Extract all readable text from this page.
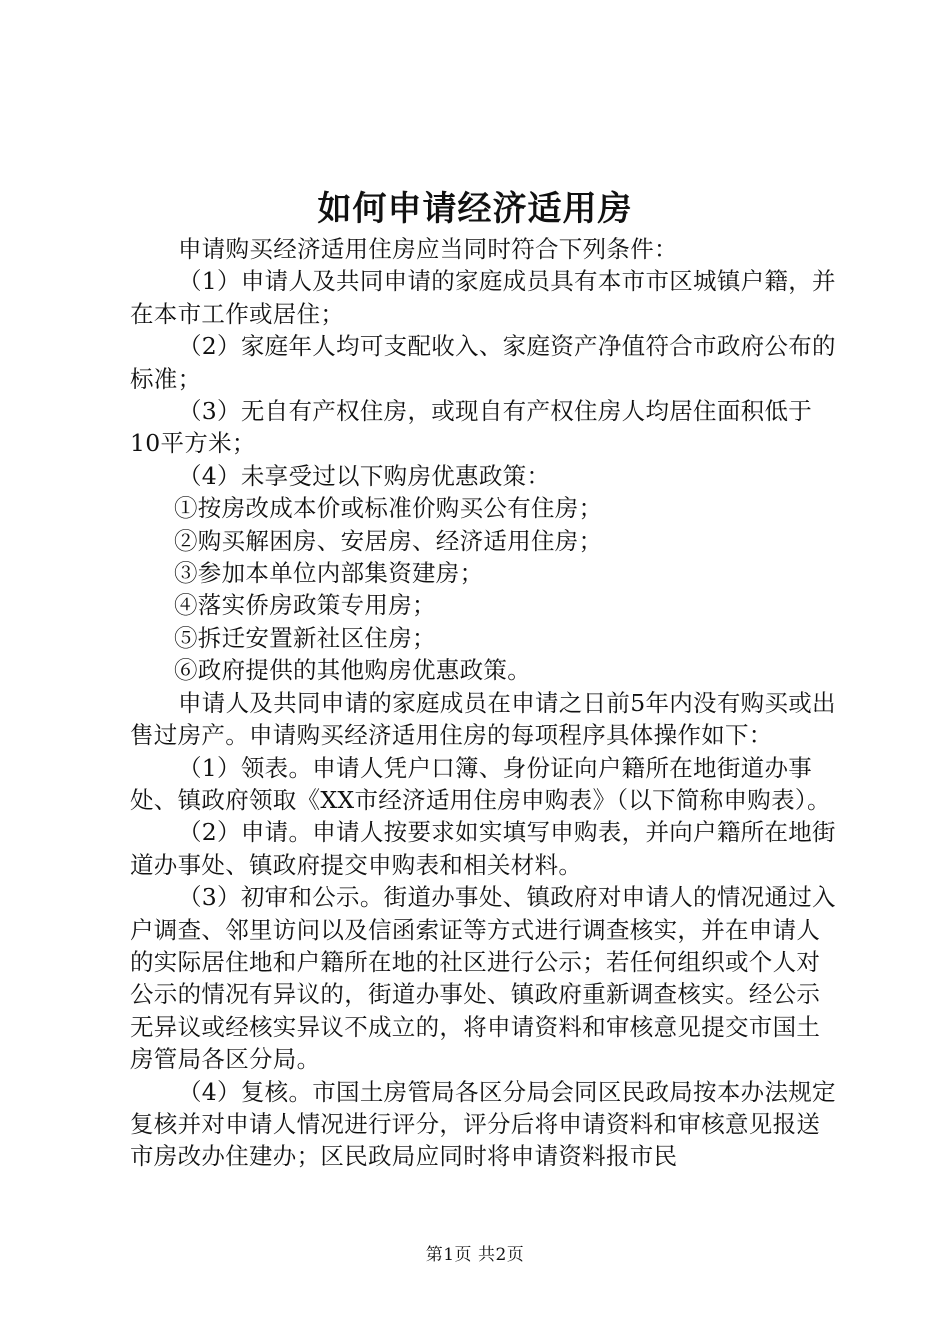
如何申请经济适用房

申请购买经济适用住房应当同时符合下列条件：

（1）申请人及共同申请的家庭成员具有本市市区城镇户籍，并在本市工作或居住；

（2）家庭年人均可支配收入、家庭资产净值符合市政府公布的标准；

（3）无自有产权住房，或现自有产权住房人均居住面积低于10平方米；

（4）未享受过以下购房优惠政策：

①按房改成本价或标准价购买公有住房；

②购买解困房、安居房、经济适用住房；

③参加本单位内部集资建房；

④落实侨房政策专用房；

⑤拆迁安置新社区住房；

⑥政府提供的其他购房优惠政策。

申请人及共同申请的家庭成员在申请之日前5年内没有购买或出售过房产。申请购买经济适用住房的每项程序具体操作如下：

（1）领表。申请人凭户口簿、身份证向户籍所在地街道办事处、镇政府领取《XX市经济适用住房申购表》（以下简称申购表）。

（2）申请。申请人按要求如实填写申购表，并向户籍所在地街道办事处、镇政府提交申购表和相关材料。

（3）初审和公示。街道办事处、镇政府对申请人的情况通过入户调查、邻里访问以及信函索证等方式进行调查核实，并在申请人的实际居住地和户籍所在地的社区进行公示；若任何组织或个人对公示的情况有异议的，街道办事处、镇政府重新调查核实。经公示无异议或经核实异议不成立的，将申请资料和审核意见提交市国土房管局各区分局。

（4）复核。市国土房管局各区分局会同区民政局按本办法规定复核并对申请人情况进行评分，评分后将申请资料和审核意见报送市房改办住建办；区民政局应同时将申请资料报市民

第1页 共2页
